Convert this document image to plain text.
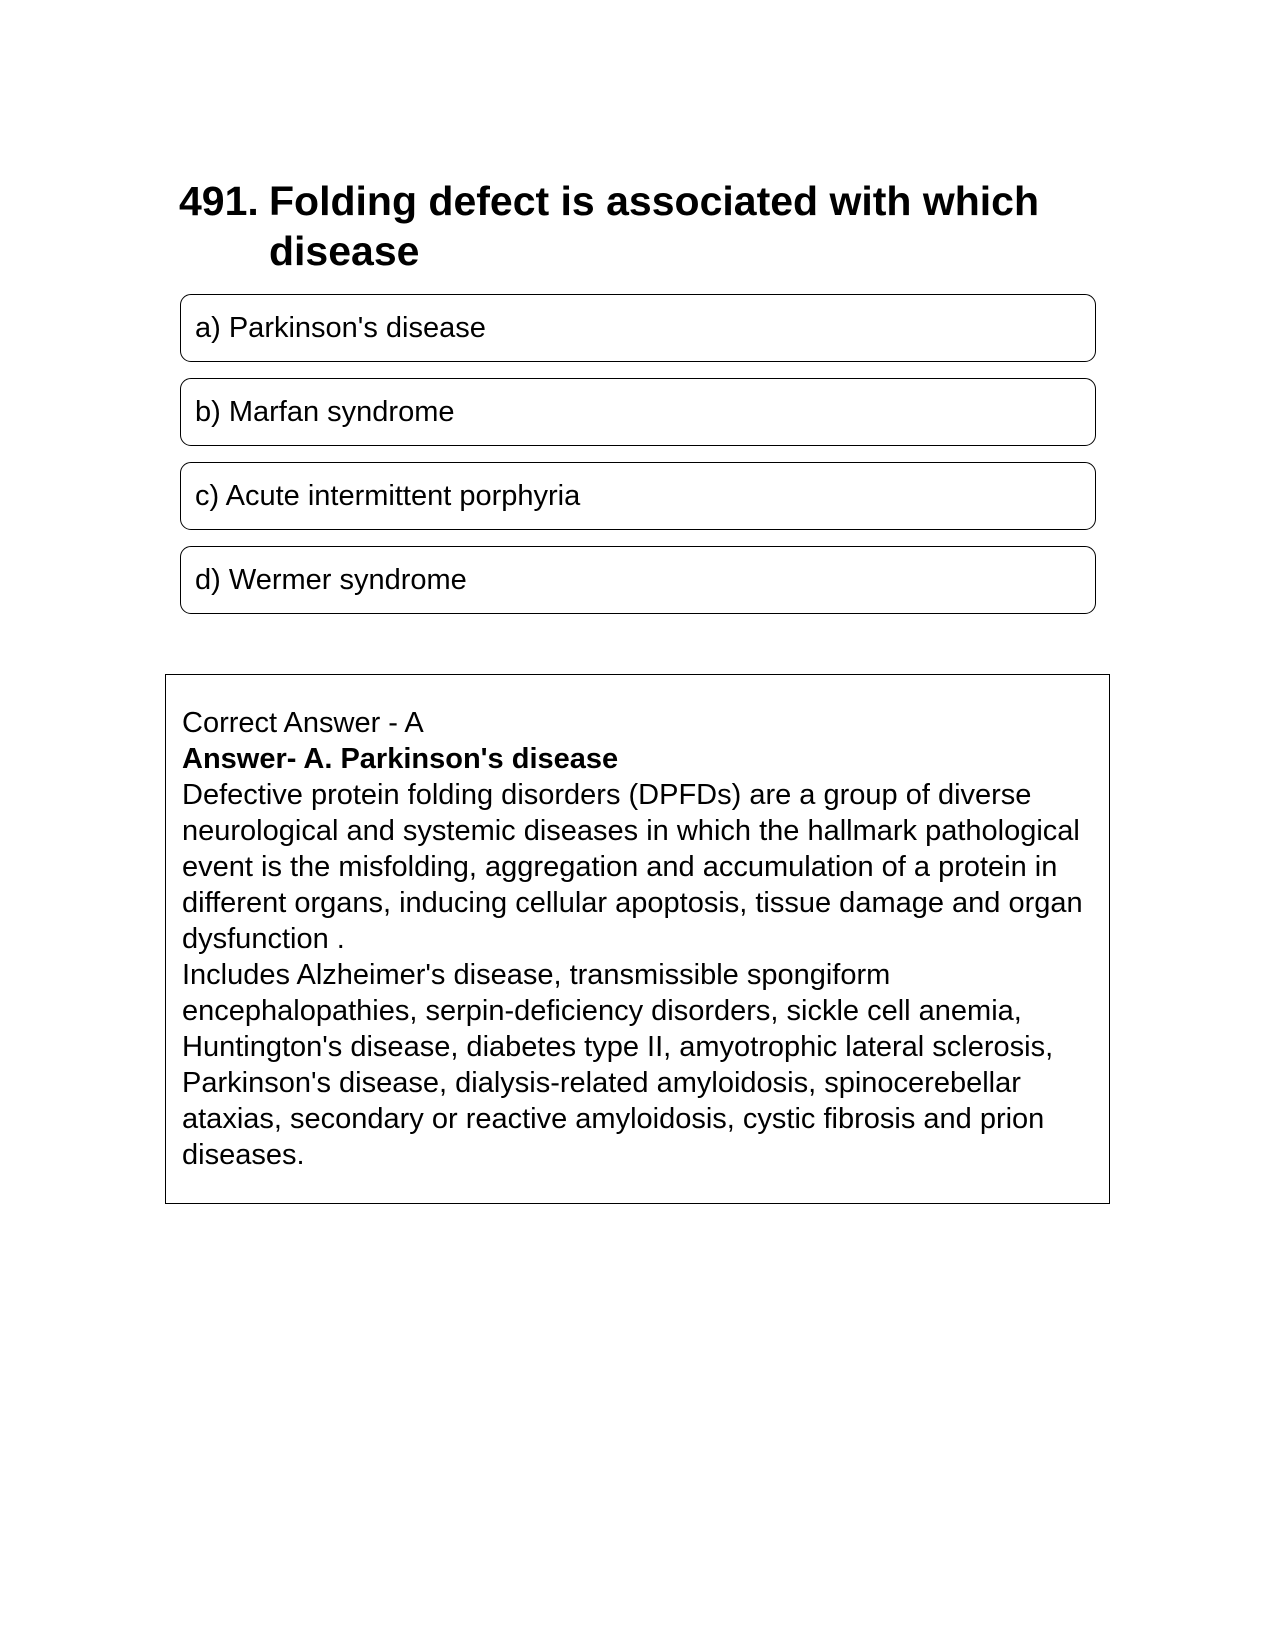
491. Folding defect is associated with which disease
a) Parkinson's disease
b) Marfan syndrome
c) Acute intermittent porphyria
d) Wermer syndrome
Correct Answer - A
Answer- A. Parkinson's disease
Defective protein folding disorders (DPFDs) are a group of diverse neurological and systemic diseases in which the hallmark pathological event is the misfolding, aggregation and accumulation of a protein in different organs, inducing cellular apoptosis, tissue damage and organ dysfunction .
Includes Alzheimer's disease, transmissible spongiform encephalopathies, serpin-deficiency disorders, sickle cell anemia, Huntington's disease, diabetes type II, amyotrophic lateral sclerosis, Parkinson's disease, dialysis-related amyloidosis, spinocerebellar ataxias, secondary or reactive amyloidosis, cystic fibrosis and prion diseases.
